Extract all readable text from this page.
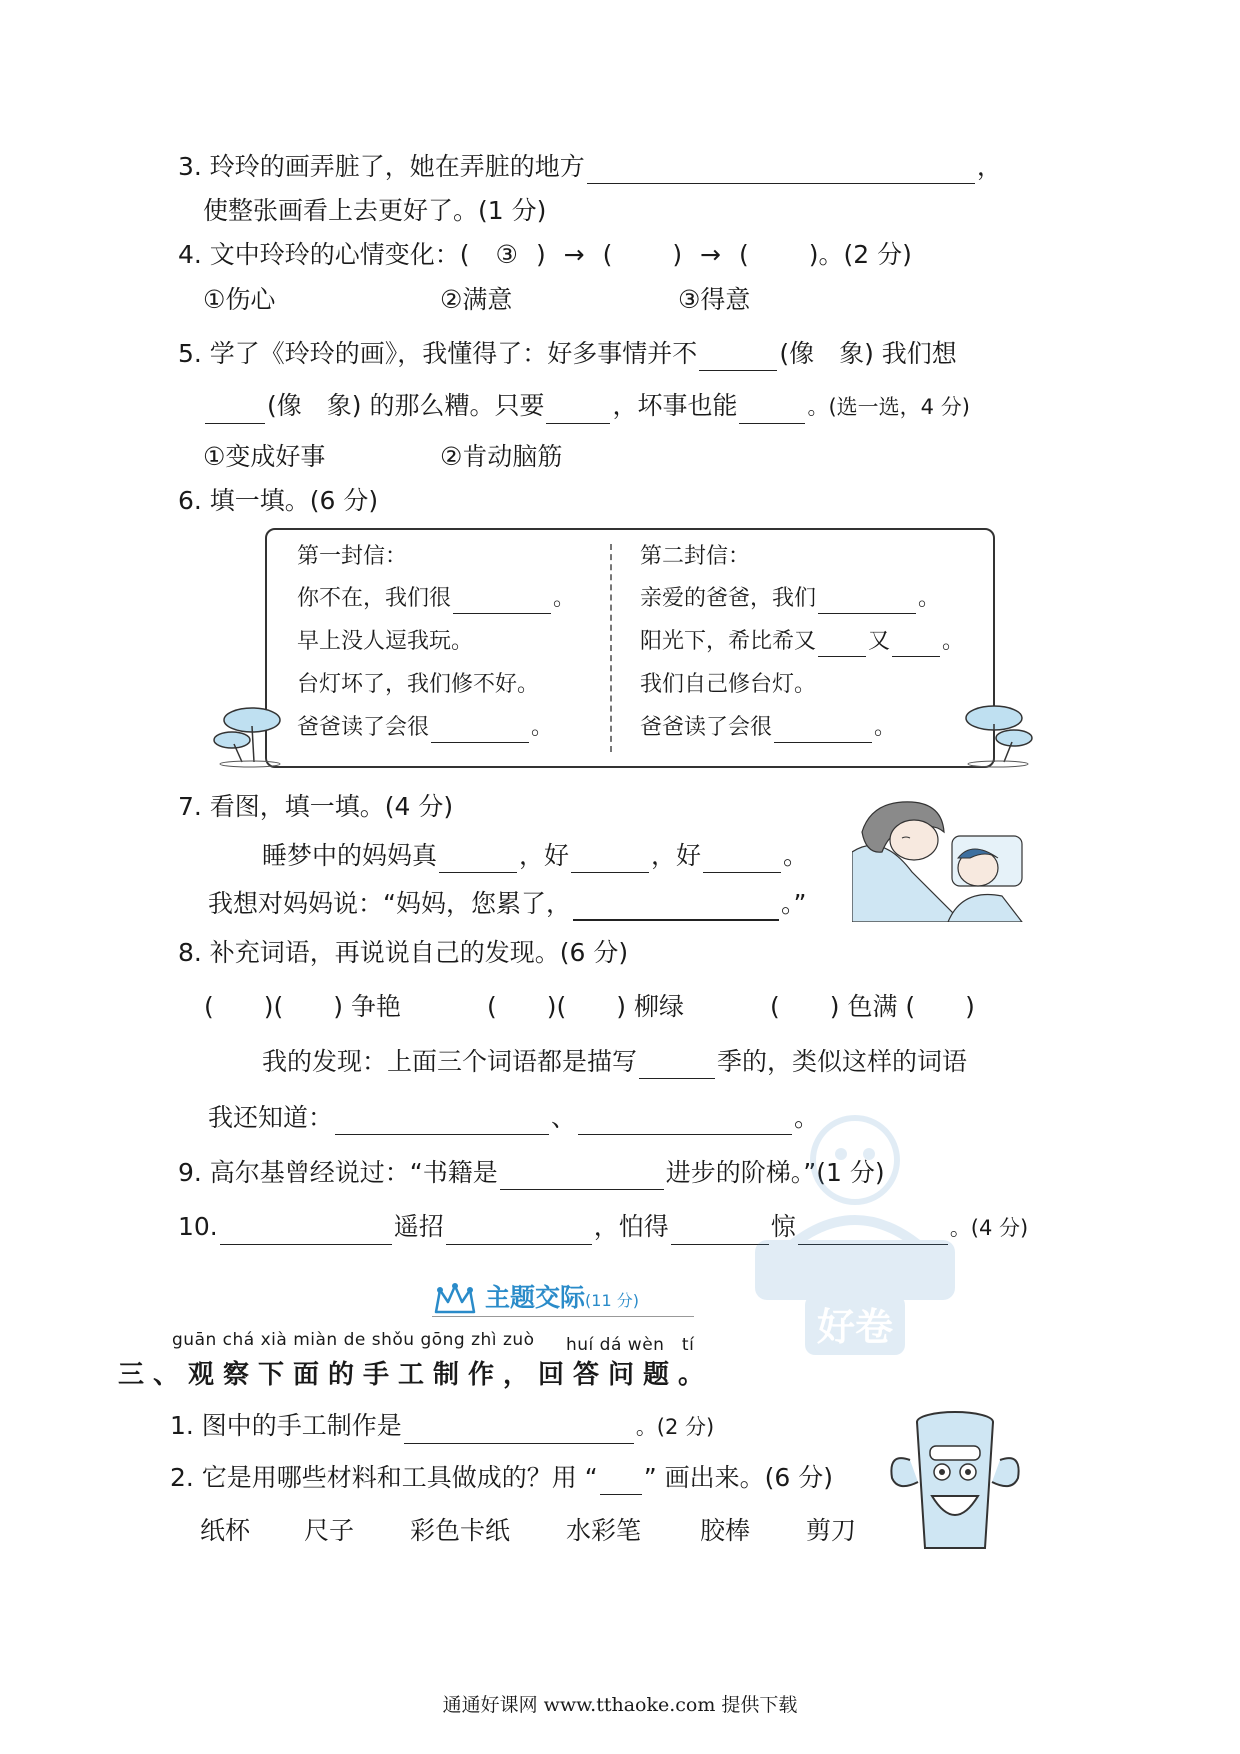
3. 玲玲的画弄脏了，她在弄脏的地方	，
使整张画看上去更好了。(1 分)
4. 文中玲玲的心情变化：( ③ ) → ( ) → ( )。(2 分)
①伤心	②满意	③得意
5. 学了《玲玲的画》，我懂得了：好多事情并不	(像　象) 我们想
(像　象) 的那么糟。只要	，坏事也能	。(选一选，4 分)
①变成好事	②肯动脑筋
6. 填一填。(6 分)
第一封信：
你不在，我们很	。
早上没人逗我玩。
台灯坏了，我们修不好。
爸爸读了会很	。
第二封信：
亲爱的爸爸，我们	。
阳光下，希比希又 又 。
我们自己修台灯。
爸爸读了会很	。
7. 看图，填一填。(4 分)
睡梦中的妈妈真	，好	，好	。
我想对妈妈说：“妈妈，您累了，	。”
8. 补充词语，再说说自己的发现。(6 分)
(　　)(　　) 争艳	(　　)(　　) 柳绿	(　　) 色满 (　　)
我的发现：上面三个词语都是描写	季的，类似这样的词语
我还知道：	、	。
9. 高尔基曾经说过：“书籍是	进步的阶梯。”(1 分)
10.	遥招	，怕得	惊	。(4 分)
好卷
主题交际(11 分)
guān chá xià miàn de shǒu gōng zhì zuò huí dá wèn　tí
三、观察下面的手工制作，回答问题。
1. 图中的手工制作是	。(2 分)
2. 它是用哪些材料和工具做成的？用 “ ” 画出来。(6 分)
纸杯 尺子 彩色卡纸 水彩笔 胶棒 剪刀
通通好课网 www.tthaoke.com 提供下载
